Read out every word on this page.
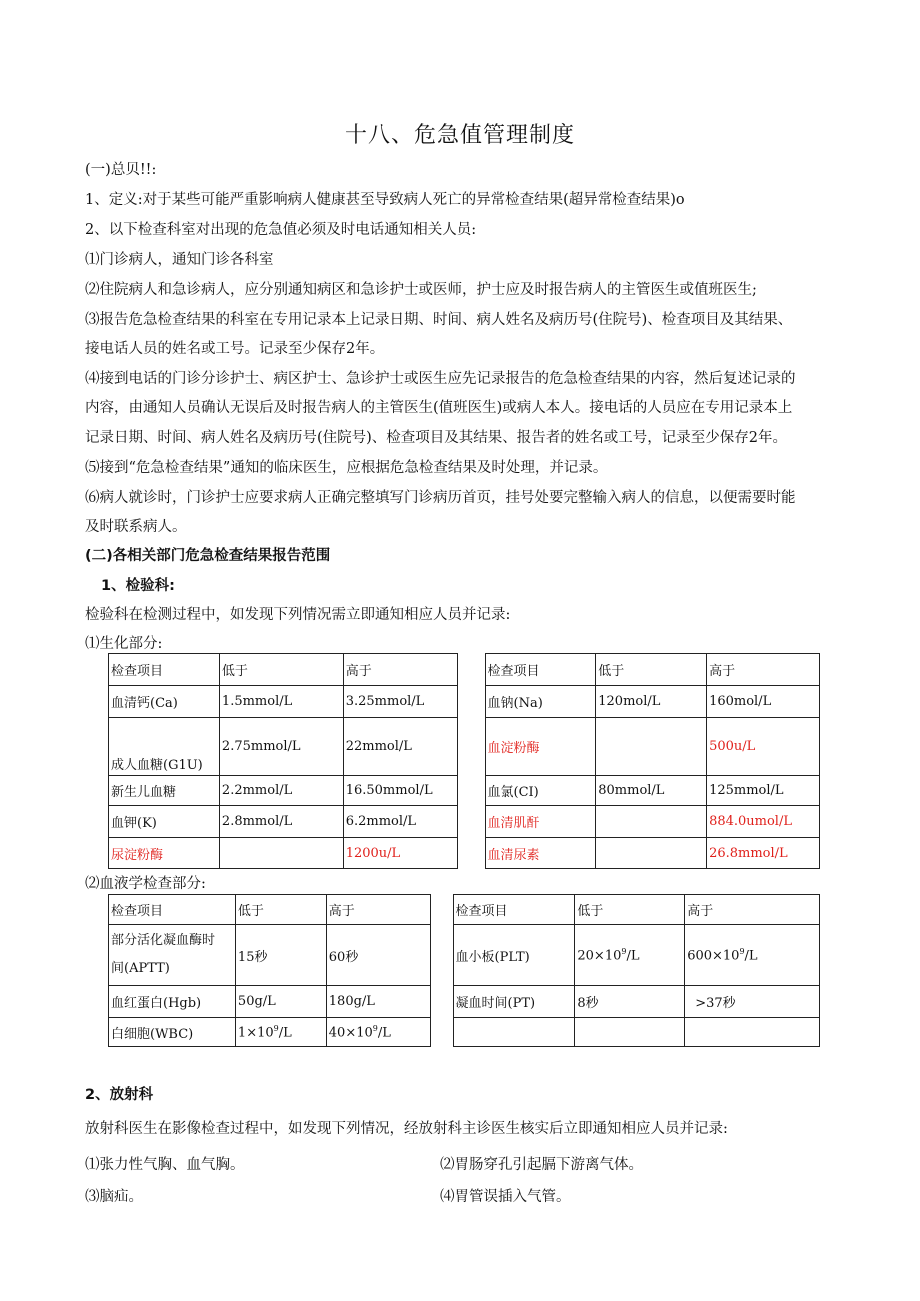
十八、危急值管理制度
(一)总贝!!:
1、定义:对于某些可能严重影响病人健康甚至导致病人死亡的异常检查结果(超异常检查结果)o
2、以下检查科室对出现的危急值必须及时电话通知相关人员:
⑴门诊病人，通知门诊各科室
⑵住院病人和急诊病人，应分别通知病区和急诊护士或医师，护士应及时报告病人的主管医生或值班医生;
⑶报告危急检查结果的科室在专用记录本上记录日期、时间、病人姓名及病历号(住院号)、检查项目及其结果、
接电话人员的姓名或工号。记录至少保存2年。
⑷接到电话的门诊分诊护士、病区护士、急诊护士或医生应先记录报告的危急检查结果的内容，然后复述记录的
内容，由通知人员确认无误后及时报告病人的主管医生(值班医生)或病人本人。接电话的人员应在专用记录本上
记录日期、时间、病人姓名及病历号(住院号)、检查项目及其结果、报告者的姓名或工号，记录至少保存2年。
⑸接到“危急检查结果”通知的临床医生，应根据危急检查结果及时处理，并记录。
⑹病人就诊时，门诊护士应要求病人正确完整填写门诊病历首页，挂号处要完整输入病人的信息，以便需要时能
及时联系病人。
(二)各相关部门危急检查结果报告范围
1、检验科:
检验科在检测过程中，如发现下列情况需立即通知相应人员并记录:
⑴生化部分:
检查项目	低于	高于		检查项目	低于	高于
血清钙(Ca)	1.5mmol/L	3.25mmol/L		血钠(Na)	120mol/L	160mol/L
成人血糖(G1U)	2.75mmol/L	22mmol/L		血淀粉酶		500u/L
新生儿血糖	2.2mmol/L	16.50mmol/L		血氯(CI)	80mmol/L	125mmol/L
血钾(K)	2.8mmol/L	6.2mmol/L		血清肌酐		884.0umol/L
尿淀粉酶		1200u/L		血清尿素		26.8mmol/L
⑵血液学检查部分:
检查项目	低于	高于		检查项目	低于	高于
部分活化凝血酶时
间(APTT)	15秒	60秒		血小板(PLT)	$20\times 10^9/L$	$600\times 10^9/L$
血红蛋白(Hgb)	50g/L	180g/L		凝血时间(PT)	8秒	>37秒
白细胞(WBC)	$1\times 10^9/L$	$40\times 10^9/L$				
2、放射科
放射科医生在影像检查过程中，如发现下列情况，经放射科主诊医生核实后立即通知相应人员并记录:
⑴张力性气胸、血气胸。	⑵胃肠穿孔引起膈下游离气体。
⑶脑疝。	⑷胃管误插入气管。
